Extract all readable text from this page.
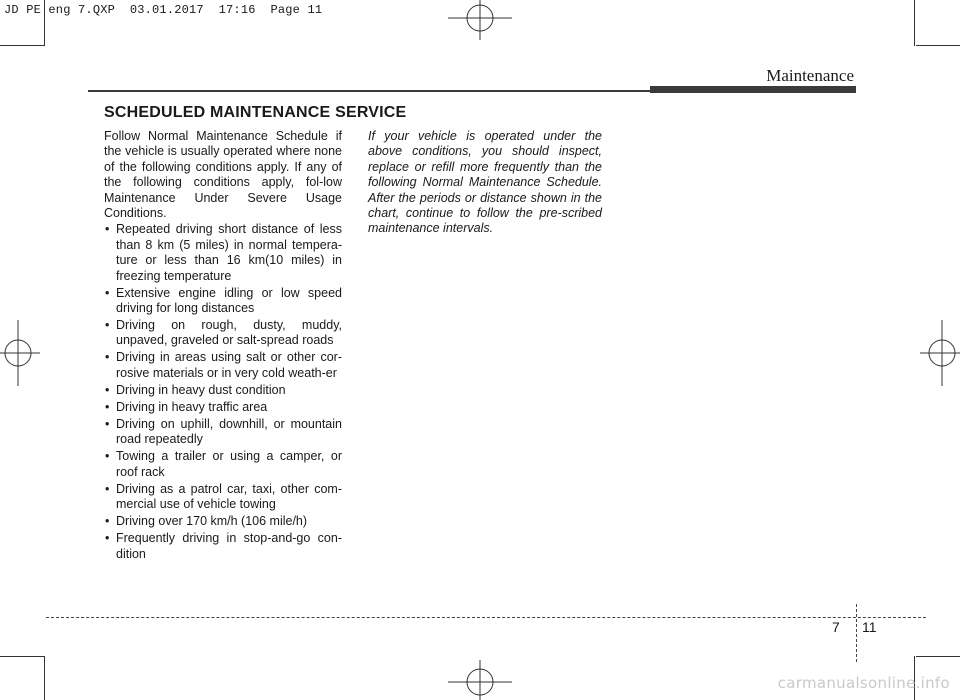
JD PE eng 7.QXP  03.01.2017  17:16  Page 11
Maintenance
SCHEDULED MAINTENANCE SERVICE

Follow Normal Maintenance Schedule if the vehicle is usually operated where none of the following conditions apply. If any of the following conditions apply, fol-low Maintenance Under Severe Usage Conditions.

• Repeated driving short distance of less than 8 km (5 miles) in normal tempera-ture or less than 16 km(10 miles) in freezing temperature
• Extensive engine idling or low speed driving for long distances
• Driving on rough, dusty, muddy, unpaved, graveled or salt-spread roads
• Driving in areas using salt or other cor-rosive materials or in very cold weath-er
• Driving in heavy dust condition
• Driving in heavy traffic area
• Driving on uphill, downhill, or mountain road repeatedly
• Towing a trailer or using a camper, or roof rack
• Driving as a patrol car, taxi, other com-mercial use of vehicle towing
• Driving over 170 km/h (106 mile/h)
• Frequently driving in stop-and-go con-dition
If your vehicle is operated under the above conditions, you should inspect, replace or refill more frequently than the following Normal Maintenance Schedule. After the periods or distance shown in the chart, continue to follow the pre-scribed maintenance intervals.
7 11
carmanualsonline.info
